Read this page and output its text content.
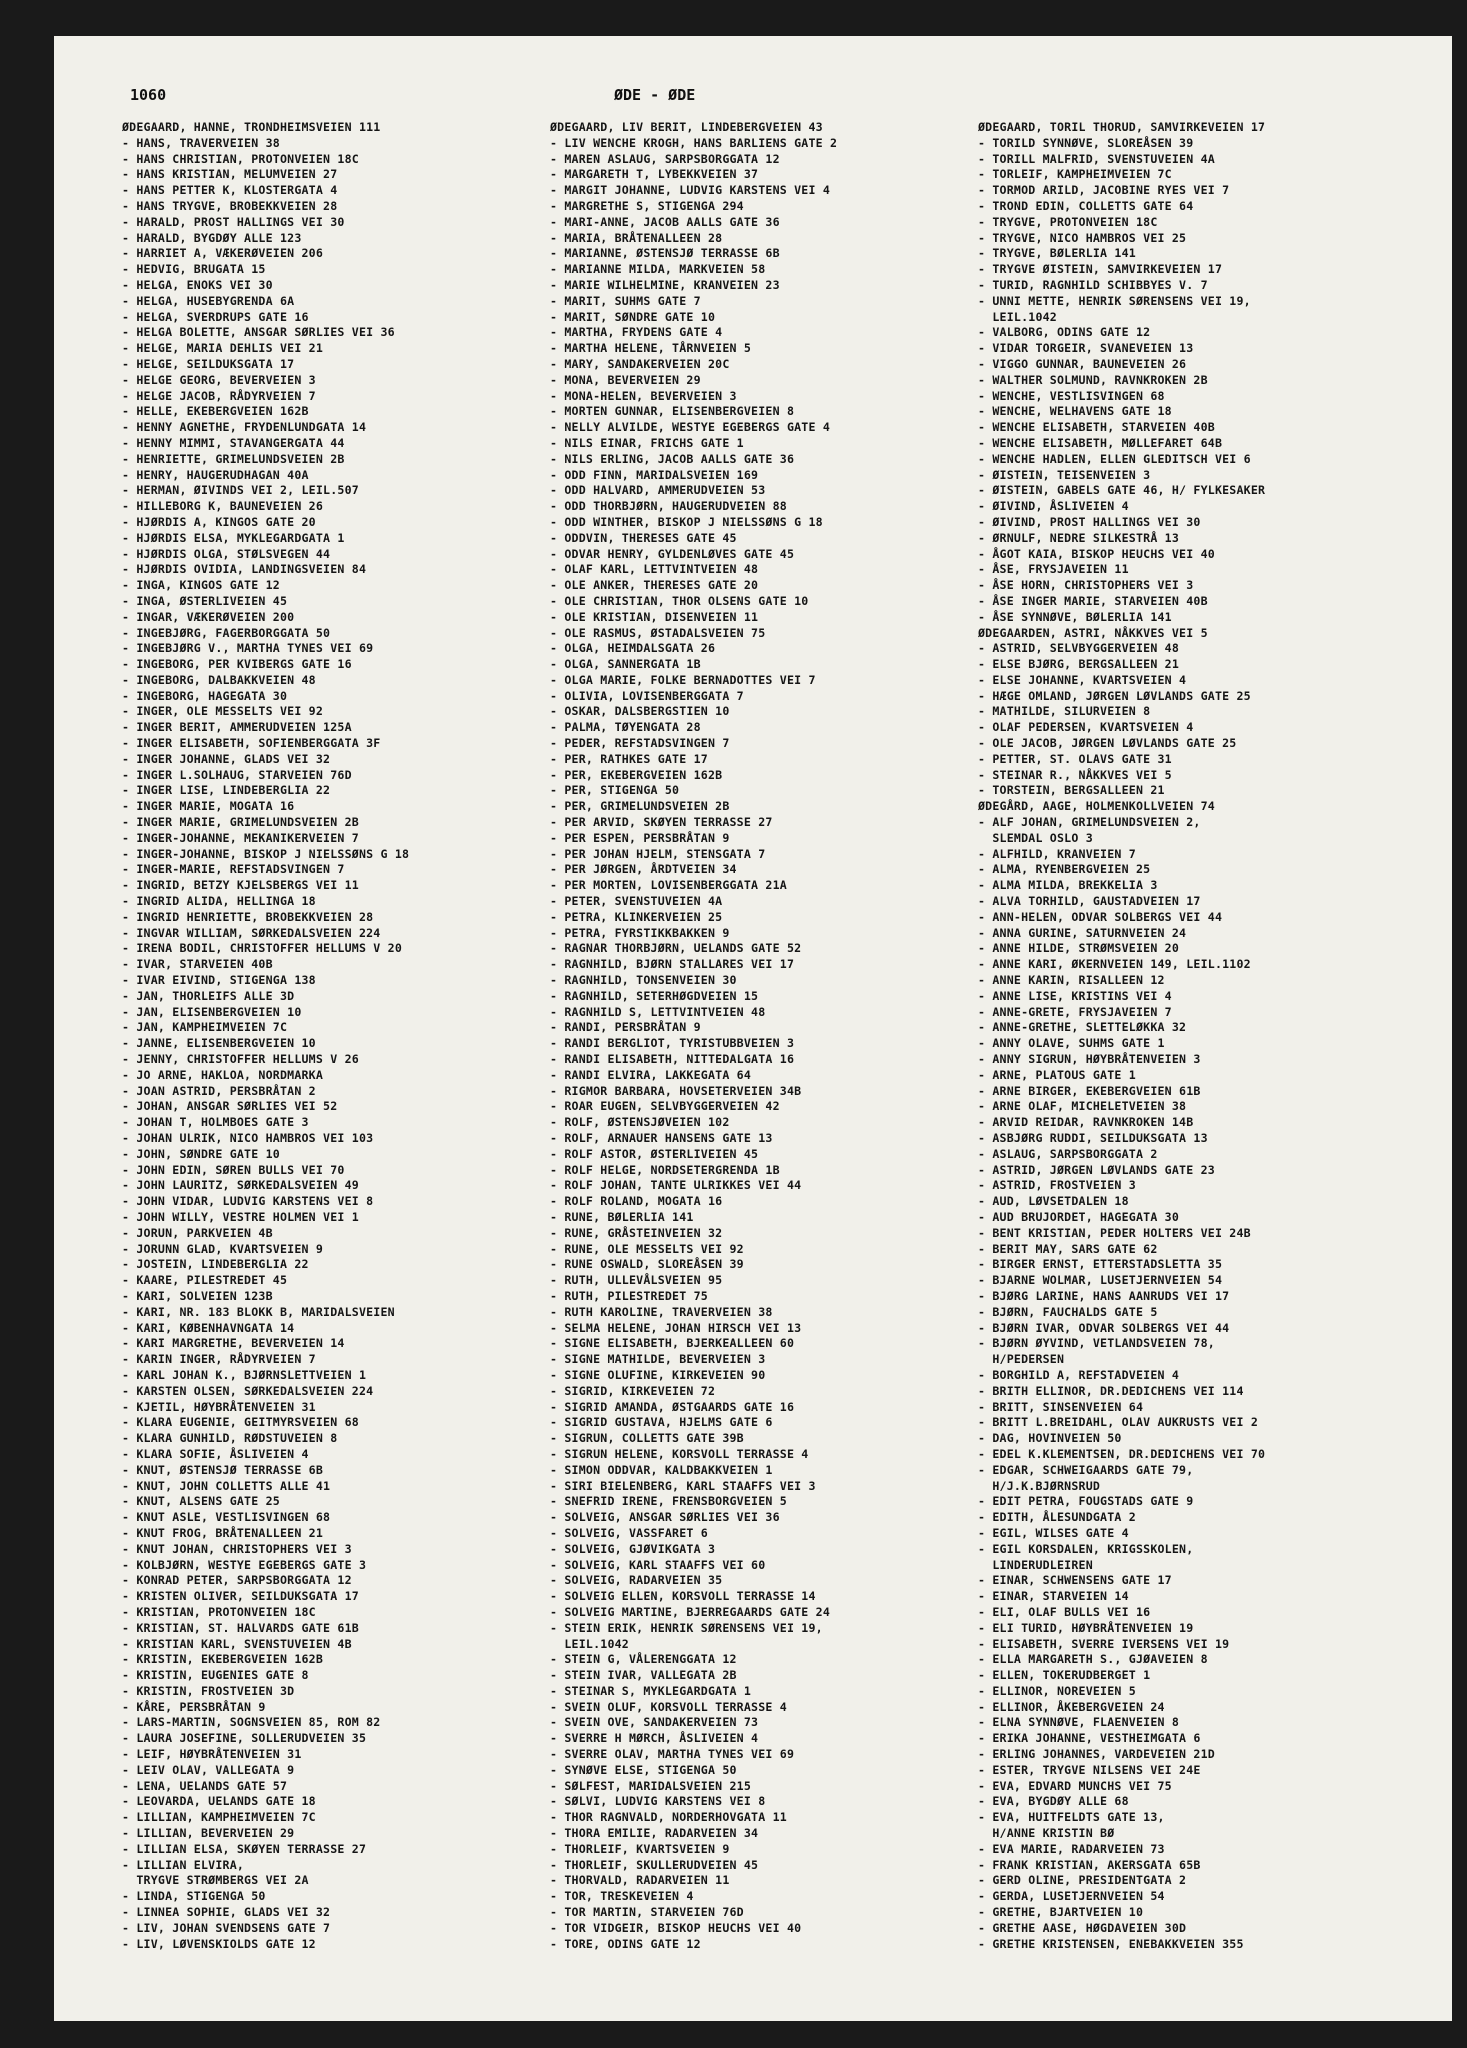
1060	ØDE - ØDE
ØDEGAARD, HANNE, TRONDHEIMSVEIEN 111
- HANS, TRAVERVEIEN 38
- HANS CHRISTIAN, PROTONVEIEN 18C
- HANS KRISTIAN, MELUMVEIEN 27
- HANS PETTER K, KLOSTERGATA 4
- HANS TRYGVE, BROBEKKVEIEN 28
- HARALD, PROST HALLINGS VEI 30
- HARALD, BYGDØY ALLE 123
- HARRIET A, VÆKERØVEIEN 206
- HEDVIG, BRUGATA 15
- HELGA, ENOKS VEI 30
- HELGA, HUSEBYGRENDA 6A
- HELGA, SVERDRUPS GATE 16
- HELGA BOLETTE, ANSGAR SØRLIES VEI 36
- HELGE, MARIA DEHLIS VEI 21
- HELGE, SEILDUKSGATA 17
- HELGE GEORG, BEVERVEIEN 3
- HELGE JACOB, RÅDYRVEIEN 7
- HELLE, EKEBERGVEIEN 162B
- HENNY AGNETHE, FRYDENLUNDGATA 14
- HENNY MIMMI, STAVANGERGATA 44
- HENRIETTE, GRIMELUNDSVEIEN 2B
- HENRY, HAUGERUDHAGAN 40A
- HERMAN, ØIVINDS VEI 2, LEIL.507
- HILLEBORG K, BAUNEVEIEN 26
- HJØRDIS A, KINGOS GATE 20
- HJØRDIS ELSA, MYKLEGARDGATA 1
- HJØRDIS OLGA, STØLSVEGEN 44
- HJØRDIS OVIDIA, LANDINGSVEIEN 84
- INGA, KINGOS GATE 12
- INGA, ØSTERLIVEIEN 45
- INGAR, VÆKERØVEIEN 200
- INGEBJØRG, FAGERBORGGATA 50
- INGEBJØRG V., MARTHA TYNES VEI 69
- INGEBORG, PER KVIBERGS GATE 16
- INGEBORG, DALBAKKVEIEN 48
- INGEBORG, HAGEGATA 30
- INGER, OLE MESSELTS VEI 92
- INGER BERIT, AMMERUDVEIEN 125A
- INGER ELISABETH, SOFIENBERGGATA 3F
- INGER JOHANNE, GLADS VEI 32
- INGER L.SOLHAUG, STARVEIEN 76D
- INGER LISE, LINDEBERGLIA 22
- INGER MARIE, MOGATA 16
- INGER MARIE, GRIMELUNDSVEIEN 2B
- INGER-JOHANNE, MEKANIKERVEIEN 7
- INGER-JOHANNE, BISKOP J NIELSSØNS G 18
- INGER-MARIE, REFSTADSVINGEN 7
- INGRID, BETZY KJELSBERGS VEI 11
- INGRID ALIDA, HELLINGA 18
- INGRID HENRIETTE, BROBEKKVEIEN 28
- INGVAR WILLIAM, SØRKEDALSVEIEN 224
- IRENA BODIL, CHRISTOFFER HELLUMS V 20
- IVAR, STARVEIEN 40B
- IVAR EIVIND, STIGENGA 138
- JAN, THORLEIFS ALLE 3D
- JAN, ELISENBERGVEIEN 10
- JAN, KAMPHEIMVEIEN 7C
- JANNE, ELISENBERGVEIEN 10
- JENNY, CHRISTOFFER HELLUMS V 26
- JO ARNE, HAKLOA, NORDMARKA
- JOAN ASTRID, PERSBRÅTAN 2
- JOHAN, ANSGAR SØRLIES VEI 52
- JOHAN T, HOLMBOES GATE 3
- JOHAN ULRIK, NICO HAMBROS VEI 103
- JOHN, SØNDRE GATE 10
- JOHN EDIN, SØREN BULLS VEI 70
- JOHN LAURITZ, SØRKEDALSVEIEN 49
- JOHN VIDAR, LUDVIG KARSTENS VEI 8
- JOHN WILLY, VESTRE HOLMEN VEI 1
- JORUN, PARKVEIEN 4B
- JORUNN GLAD, KVARTSVEIEN 9
- JOSTEIN, LINDEBERGLIA 22
- KAARE, PILESTREDET 45
- KARI, SOLVEIEN 123B
- KARI, NR. 183 BLOKK B, MARIDALSVEIEN
- KARI, KØBENHAVNGATA 14
- KARI MARGRETHE, BEVERVEIEN 14
- KARIN INGER, RÅDYRVEIEN 7
- KARL JOHAN K., BJØRNSLETTVEIEN 1
- KARSTEN OLSEN, SØRKEDALSVEIEN 224
- KJETIL, HØYBRÅTENVEIEN 31
- KLARA EUGENIE, GEITMYRSVEIEN 68
- KLARA GUNHILD, RØDSTUVEIEN 8
- KLARA SOFIE, ÅSLIVEIEN 4
- KNUT, ØSTENSJØ TERRASSE 6B
- KNUT, JOHN COLLETTS ALLE 41
- KNUT, ALSENS GATE 25
- KNUT ASLE, VESTLISVINGEN 68
- KNUT FROG, BRÅTENALLEEN 21
- KNUT JOHAN, CHRISTOPHERS VEI 3
- KOLBJØRN, WESTYE EGEBERGS GATE 3
- KONRAD PETER, SARPSBORGGATA 12
- KRISTEN OLIVER, SEILDUKSGATA 17
- KRISTIAN, PROTONVEIEN 18C
- KRISTIAN, ST. HALVARDS GATE 61B
- KRISTIAN KARL, SVENSTUVEIEN 4B
- KRISTIN, EKEBERGVEIEN 162B
- KRISTIN, EUGENIES GATE 8
- KRISTIN, FROSTVEIEN 3D
- KÅRE, PERSBRÅTAN 9
- LARS-MARTIN, SOGNSVEIEN 85, ROM 82
- LAURA JOSEFINE, SOLLERUDVEIEN 35
- LEIF, HØYBRÅTENVEIEN 31
- LEIV OLAV, VALLEGATA 9
- LENA, UELANDS GATE 57
- LEOVARDA, UELANDS GATE 18
- LILLIAN, KAMPHEIMVEIEN 7C
- LILLIAN, BEVERVEIEN 29
- LILLIAN ELSA, SKØYEN TERRASSE 27
- LILLIAN ELVIRA,
TRYGVE STRØMBERGS VEI 2A
- LINDA, STIGENGA 50
- LINNEA SOPHIE, GLADS VEI 32
- LIV, JOHAN SVENDSENS GATE 7
- LIV, LØVENSKIOLDS GATE 12
ØDEGAARD, LIV BERIT, LINDEBERGVEIEN 43
- LIV WENCHE KROGH, HANS BARLIENS GATE 2
- MAREN ASLAUG, SARPSBORGGATA 12
- MARGARETH T, LYBEKKVEIEN 37
- MARGIT JOHANNE, LUDVIG KARSTENS VEI 4
- MARGRETHE S, STIGENGA 294
- MARI-ANNE, JACOB AALLS GATE 36
- MARIA, BRÅTENALLEEN 28
- MARIANNE, ØSTENSJØ TERRASSE 6B
- MARIANNE MILDA, MARKVEIEN 58
- MARIE WILHELMINE, KRANVEIEN 23
- MARIT, SUHMS GATE 7
- MARIT, SØNDRE GATE 10
- MARTHA, FRYDENS GATE 4
- MARTHA HELENE, TÅRNVEIEN 5
- MARY, SANDAKERVEIEN 20C
- MONA, BEVERVEIEN 29
- MONA-HELEN, BEVERVEIEN 3
- MORTEN GUNNAR, ELISENBERGVEIEN 8
- NELLY ALVILDE, WESTYE EGEBERGS GATE 4
- NILS EINAR, FRICHS GATE 1
- NILS ERLING, JACOB AALLS GATE 36
- ODD FINN, MARIDALSVEIEN 169
- ODD HALVARD, AMMERUDVEIEN 53
- ODD THORBJØRN, HAUGERUDVEIEN 88
- ODD WINTHER, BISKOP J NIELSSØNS G 18
- ODDVIN, THERESES GATE 45
- ODVAR HENRY, GYLDENLØVES GATE 45
- OLAF KARL, LETTVINTVEIEN 48
- OLE ANKER, THERESES GATE 20
- OLE CHRISTIAN, THOR OLSENS GATE 10
- OLE KRISTIAN, DISENVEIEN 11
- OLE RASMUS, ØSTADALSVEIEN 75
- OLGA, HEIMDALSGATA 26
- OLGA, SANNERGATA 1B
- OLGA MARIE, FOLKE BERNADOTTES VEI 7
- OLIVIA, LOVISENBERGGATA 7
- OSKAR, DALSBERGSTIEN 10
- PALMA, TØYENGATA 28
- PEDER, REFSTADSVINGEN 7
- PER, RATHKES GATE 17
- PER, EKEBERGVEIEN 162B
- PER, STIGENGA 50
- PER, GRIMELUNDSVEIEN 2B
- PER ARVID, SKØYEN TERRASSE 27
- PER ESPEN, PERSBRÅTAN 9
- PER JOHAN HJELM, STENSGATA 7
- PER JØRGEN, ÅRDTVEIEN 34
- PER MORTEN, LOVISENBERGGATA 21A
- PETER, SVENSTUVEIEN 4A
- PETRA, KLINKERVEIEN 25
- PETRA, FYRSTIKKBAKKEN 9
- RAGNAR THORBJØRN, UELANDS GATE 52
- RAGNHILD, BJØRN STALLARES VEI 17
- RAGNHILD, TONSENVEIEN 30
- RAGNHILD, SETERHØGDVEIEN 15
- RAGNHILD S, LETTVINTVEIEN 48
- RANDI, PERSBRÅTAN 9
- RANDI BERGLIOT, TYRISTUBBVEIEN 3
- RANDI ELISABETH, NITTEDALGATA 16
- RANDI ELVIRA, LAKKEGATA 64
- RIGMOR BARBARA, HOVSETERVEIEN 34B
- ROAR EUGEN, SELVBYGGERVEIEN 42
- ROLF, ØSTENSJØVEIEN 102
- ROLF, ARNAUER HANSENS GATE 13
- ROLF ASTOR, ØSTERLIVEIEN 45
- ROLF HELGE, NORDSETERGRENDA 1B
- ROLF JOHAN, TANTE ULRIKKES VEI 44
- ROLF ROLAND, MOGATA 16
- RUNE, BØLERLIA 141
- RUNE, GRÅSTEINVEIEN 32
- RUNE, OLE MESSELTS VEI 92
- RUNE OSWALD, SLOREÅSEN 39
- RUTH, ULLEVÅLSVEIEN 95
- RUTH, PILESTREDET 75
- RUTH KAROLINE, TRAVERVEIEN 38
- SELMA HELENE, JOHAN HIRSCH VEI 13
- SIGNE ELISABETH, BJERKEALLEEN 60
- SIGNE MATHILDE, BEVERVEIEN 3
- SIGNE OLUFINE, KIRKEVEIEN 90
- SIGRID, KIRKEVEIEN 72
- SIGRID AMANDA, ØSTGAARDS GATE 16
- SIGRID GUSTAVA, HJELMS GATE 6
- SIGRUN, COLLETTS GATE 39B
- SIGRUN HELENE, KORSVOLL TERRASSE 4
- SIMON ODDVAR, KALDBAKKVEIEN 1
- SIRI BIELENBERG, KARL STAAFFS VEI 3
- SNEFRID IRENE, FRENSBORGVEIEN 5
- SOLVEIG, ANSGAR SØRLIES VEI 36
- SOLVEIG, VASSFARET 6
- SOLVEIG, GJØVIKGATA 3
- SOLVEIG, KARL STAAFFS VEI 60
- SOLVEIG, RADARVEIEN 35
- SOLVEIG ELLEN, KORSVOLL TERRASSE 14
- SOLVEIG MARTINE, BJERREGAARDS GATE 24
- STEIN ERIK, HENRIK SØRENSENS VEI 19,
LEIL.1042
- STEIN G, VÅLERENGGATA 12
- STEIN IVAR, VALLEGATA 2B
- STEINAR S, MYKLEGARDGATA 1
- SVEIN OLUF, KORSVOLL TERRASSE 4
- SVEIN OVE, SANDAKERVEIEN 73
- SVERRE H MØRCH, ÅSLIVEIEN 4
- SVERRE OLAV, MARTHA TYNES VEI 69
- SYNØVE ELSE, STIGENGA 50
- SØLFEST, MARIDALSVEIEN 215
- SØLVI, LUDVIG KARSTENS VEI 8
- THOR RAGNVALD, NORDERHOVGATA 11
- THORA EMILIE, RADARVEIEN 34
- THORLEIF, KVARTSVEIEN 9
- THORLEIF, SKULLERUDVEIEN 45
- THORVALD, RADARVEIEN 11
- TOR, TRESKEVEIEN 4
- TOR MARTIN, STARVEIEN 76D
- TOR VIDGEIR, BISKOP HEUCHS VEI 40
- TORE, ODINS GATE 12
ØDEGAARD, TORIL THORUD, SAMVIRKEVEIEN 17
- TORILD SYNNØVE, SLOREÅSEN 39
- TORILL MALFRID, SVENSTUVEIEN 4A
- TORLEIF, KAMPHEIMVEIEN 7C
- TORMOD ARILD, JACOBINE RYES VEI 7
- TROND EDIN, COLLETTS GATE 64
- TRYGVE, PROTONVEIEN 18C
- TRYGVE, NICO HAMBROS VEI 25
- TRYGVE, BØLERLIA 141
- TRYGVE ØISTEIN, SAMVIRKEVEIEN 17
- TURID, RAGNHILD SCHIBBYES V. 7
- UNNI METTE, HENRIK SØRENSENS VEI 19,
LEIL.1042
- VALBORG, ODINS GATE 12
- VIDAR TORGEIR, SVANEVEIEN 13
- VIGGO GUNNAR, BAUNEVEIEN 26
- WALTHER SOLMUND, RAVNKROKEN 2B
- WENCHE, VESTLISVINGEN 68
- WENCHE, WELHAVENS GATE 18
- WENCHE ELISABETH, STARVEIEN 40B
- WENCHE ELISABETH, MØLLEFARET 64B
- WENCHE HADLEN, ELLEN GLEDITSCH VEI 6
- ØISTEIN, TEISENVEIEN 3
- ØISTEIN, GABELS GATE 46, H/ FYLKESAKER
- ØIVIND, ÅSLIVEIEN 4
- ØIVIND, PROST HALLINGS VEI 30
- ØRNULF, NEDRE SILKESTRÅ 13
- ÅGOT KAIA, BISKOP HEUCHS VEI 40
- ÅSE, FRYSJAVEIEN 11
- ÅSE HORN, CHRISTOPHERS VEI 3
- ÅSE INGER MARIE, STARVEIEN 40B
- ÅSE SYNNØVE, BØLERLIA 141
ØDEGAARDEN, ASTRI, NÅKKVES VEI 5
- ASTRID, SELVBYGGERVEIEN 48
- ELSE BJØRG, BERGSALLEEN 21
- ELSE JOHANNE, KVARTSVEIEN 4
- HÆGE OMLAND, JØRGEN LØVLANDS GATE 25
- MATHILDE, SILURVEIEN 8
- OLAF PEDERSEN, KVARTSVEIEN 4
- OLE JACOB, JØRGEN LØVLANDS GATE 25
- PETTER, ST. OLAVS GATE 31
- STEINAR R., NÅKKVES VEI 5
- TORSTEIN, BERGSALLEEN 21
ØDEGÅRD, AAGE, HOLMENKOLLVEIEN 74
- ALF JOHAN, GRIMELUNDSVEIEN 2,
SLEMDAL OSLO 3
- ALFHILD, KRANVEIEN 7
- ALMA, RYENBERGVEIEN 25
- ALMA MILDA, BREKKELIA 3
- ALVA TORHILD, GAUSTADVEIEN 17
- ANN-HELEN, ODVAR SOLBERGS VEI 44
- ANNA GURINE, SATURNVEIEN 24
- ANNE HILDE, STRØMSVEIEN 20
- ANNE KARI, ØKERNVEIEN 149, LEIL.1102
- ANNE KARIN, RISALLEEN 12
- ANNE LISE, KRISTINS VEI 4
- ANNE-GRETE, FRYSJAVEIEN 7
- ANNE-GRETHE, SLETTELØKKA 32
- ANNY OLAVE, SUHMS GATE 1
- ANNY SIGRUN, HØYBRÅTENVEIEN 3
- ARNE, PLATOUS GATE 1
- ARNE BIRGER, EKEBERGVEIEN 61B
- ARNE OLAF, MICHELETVEIEN 38
- ARVID REIDAR, RAVNKROKEN 14B
- ASBJØRG RUDDI, SEILDUKSGATA 13
- ASLAUG, SARPSBORGGATA 2
- ASTRID, JØRGEN LØVLANDS GATE 23
- ASTRID, FROSTVEIEN 3
- AUD, LØVSETDALEN 18
- AUD BRUJORDET, HAGEGATA 30
- BENT KRISTIAN, PEDER HOLTERS VEI 24B
- BERIT MAY, SARS GATE 62
- BIRGER ERNST, ETTERSTADSLETTA 35
- BJARNE WOLMAR, LUSETJERNVEIEN 54
- BJØRG LARINE, HANS AANRUDS VEI 17
- BJØRN, FAUCHALDS GATE 5
- BJØRN IVAR, ODVAR SOLBERGS VEI 44
- BJØRN ØYVIND, VETLANDSVEIEN 78,
H/PEDERSEN
- BORGHILD A, REFSTADVEIEN 4
- BRITH ELLINOR, DR.DEDICHENS VEI 114
- BRITT, SINSENVEIEN 64
- BRITT L.BREIDAHL, OLAV AUKRUSTS VEI 2
- DAG, HOVINVEIEN 50
- EDEL K.KLEMENTSEN, DR.DEDICHENS VEI 70
- EDGAR, SCHWEIGAARDS GATE 79,
H/J.K.BJØRNSRUD
- EDIT PETRA, FOUGSTADS GATE 9
- EDITH, ÅLESUNDGATA 2
- EGIL, WILSES GATE 4
- EGIL KORSDALEN, KRIGSSKOLEN,
LINDERUDLEIREN
- EINAR, SCHWENSENS GATE 17
- EINAR, STARVEIEN 14
- ELI, OLAF BULLS VEI 16
- ELI TURID, HØYBRÅTENVEIEN 19
- ELISABETH, SVERRE IVERSENS VEI 19
- ELLA MARGARETH S., GJØAVEIEN 8
- ELLEN, TOKERUDBERGET 1
- ELLINOR, NOREVEIEN 5
- ELLINOR, ÅKEBERGVEIEN 24
- ELNA SYNNØVE, FLAENVEIEN 8
- ERIKA JOHANNE, VESTHEIMGATA 6
- ERLING JOHANNES, VARDEVEIEN 21D
- ESTER, TRYGVE NILSENS VEI 24E
- EVA, EDVARD MUNCHS VEI 75
- EVA, BYGDØY ALLE 68
- EVA, HUITFELDTS GATE 13,
H/ANNE KRISTIN BØ
- EVA MARIE, RADARVEIEN 73
- FRANK KRISTIAN, AKERSGATA 65B
- GERD OLINE, PRESIDENTGATA 2
- GERDA, LUSETJERNVEIEN 54
- GRETHE, BJARTVEIEN 10
- GRETHE AASE, HØGDAVEIEN 30D
- GRETHE KRISTENSEN, ENEBAKKVEIEN 355
